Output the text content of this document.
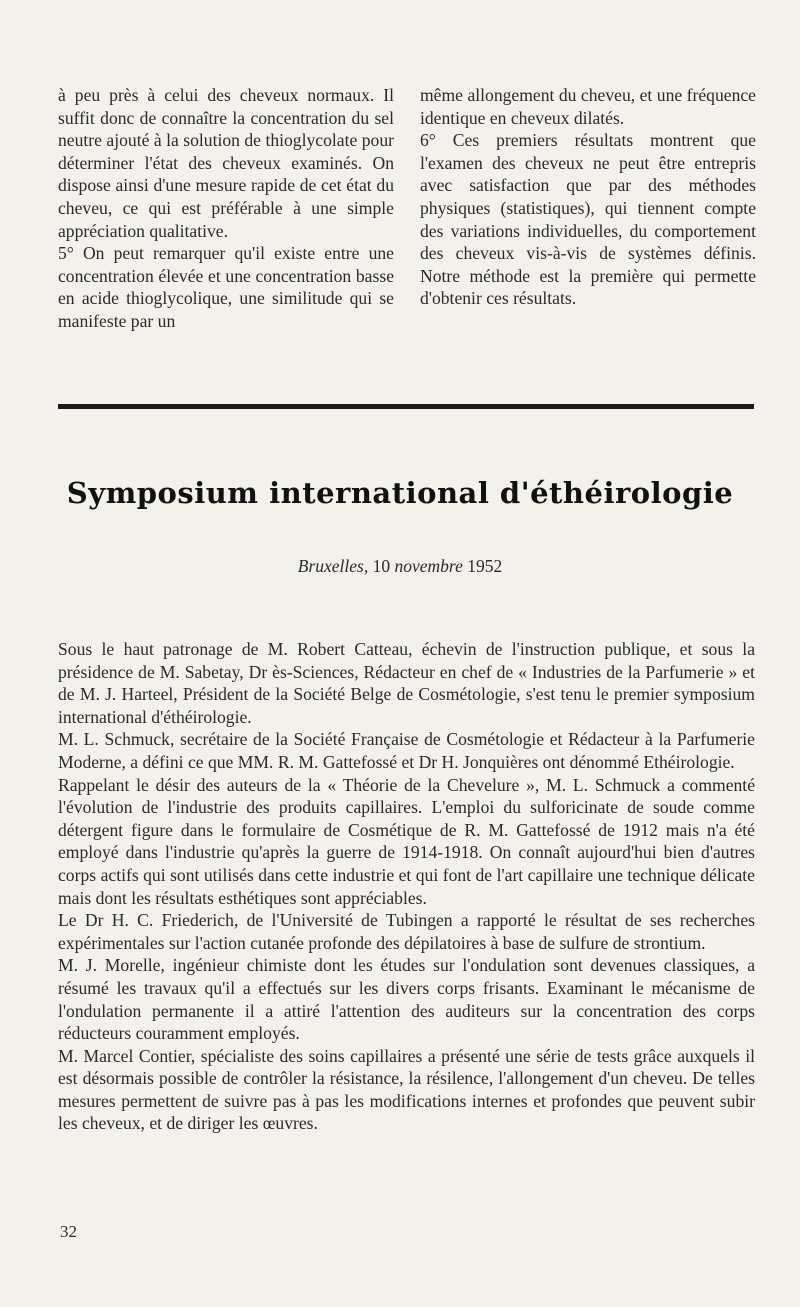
à peu près à celui des cheveux normaux. Il suffit donc de connaître la concentration du sel neutre ajouté à la solution de thioglycolate pour déterminer l'état des cheveux examinés. On dispose ainsi d'une mesure rapide de cet état du cheveu, ce qui est préférable à une simple appréciation qualitative.

5° On peut remarquer qu'il existe entre une concentration élevée et une concentration basse en acide thioglycolique, une similitude qui se manifeste par un

même allongement du cheveu, et une fréquence identique en cheveux dilatés.

6° Ces premiers résultats montrent que l'examen des cheveux ne peut être entrepris avec satisfaction que par des méthodes physiques (statistiques), qui tiennent compte des variations individuelles, du comportement des cheveux vis-à-vis de systèmes définis. Notre méthode est la première qui permette d'obtenir ces résultats.

Symposium international d'éthéirologie
Bruxelles, 10 novembre 1952

Sous le haut patronage de M. Robert Catteau, échevin de l'instruction publique, et sous la présidence de M. Sabetay, Dr ès-Sciences, Rédacteur en chef de « Industries de la Parfumerie » et de M. J. Harteel, Président de la Société Belge de Cosmétologie, s'est tenu le premier symposium international d'éthéirologie.

M. L. Schmuck, secrétaire de la Société Française de Cosmétologie et Rédacteur à la Parfumerie Moderne, a défini ce que MM. R. M. Gattefossé et Dr H. Jonquières ont dénommé Ethéirologie.

Rappelant le désir des auteurs de la « Théorie de la Chevelure », M. L. Schmuck a commenté l'évolution de l'industrie des produits capillaires. L'emploi du sulforicinate de soude comme détergent figure dans le formulaire de Cosmétique de R. M. Gattefossé de 1912 mais n'a été employé dans l'industrie qu'après la guerre de 1914-1918. On connaît aujourd'hui bien d'autres corps actifs qui sont utilisés dans cette industrie et qui font de l'art capillaire une technique délicate mais dont les résultats esthétiques sont appréciables.

Le Dr H. C. Friederich, de l'Université de Tubingen a rapporté le résultat de ses recherches expérimentales sur l'action cutanée profonde des dépilatoires à base de sulfure de strontium.

M. J. Morelle, ingénieur chimiste dont les études sur l'ondulation sont devenues classiques, a résumé les travaux qu'il a effectués sur les divers corps frisants. Examinant le mécanisme de l'ondulation permanente il a attiré l'attention des auditeurs sur la concentration des corps réducteurs couramment employés.

M. Marcel Contier, spécialiste des soins capillaires a présenté une série de tests grâce auxquels il est désormais possible de contrôler la résistance, la résilence, l'allongement d'un cheveu. De telles mesures permettent de suivre pas à pas les modifications internes et profondes que peuvent subir les cheveux, et de diriger les œuvres.

32
